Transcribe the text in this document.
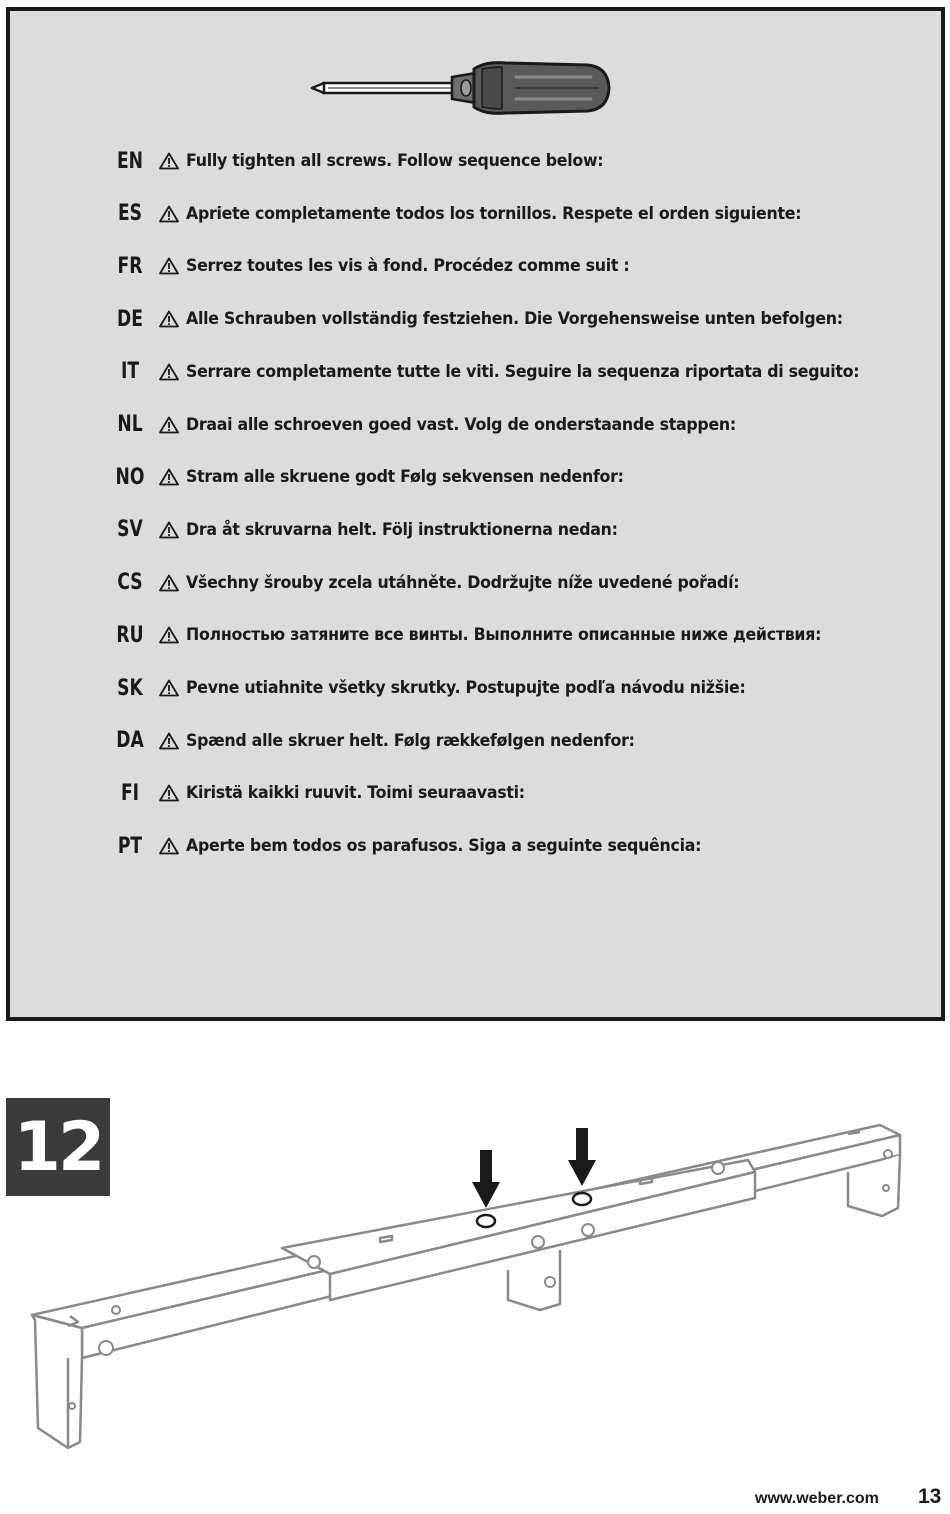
EN	Fully tighten all screws. Follow sequence below:
ES	Apriete completamente todos los tornillos. Respete el orden siguiente:
FR	Serrez toutes les vis à fond. Procédez comme suit :
DE	Alle Schrauben vollständig festziehen. Die Vorgehensweise unten befolgen:
IT	Serrare completamente tutte le viti. Seguire la sequenza riportata di seguito:
NL	Draai alle schroeven goed vast. Volg de onderstaande stappen:
NO Stram alle skruene godt Følg sekvensen nedenfor:
SV	Dra åt skruvarna helt. Följ instruktionerna nedan:
CS	Všechny šrouby zcela utáhněte. Dodržujte níže uvedené pořadí:
RU	Полностью затяните все винты. Выполните описанные ниже действия:
SK	Pevne utiahnite všetky skrutky. Postupujte podľa návodu nižšie:
DA Spænd alle skruer helt. Følg rækkefølgen nedenfor:
FI	Kiristä kaikki ruuvit. Toimi seuraavasti:
PT	Aperte bem todos os parafusos. Siga a seguinte sequência:
12
www.weber.com 13
